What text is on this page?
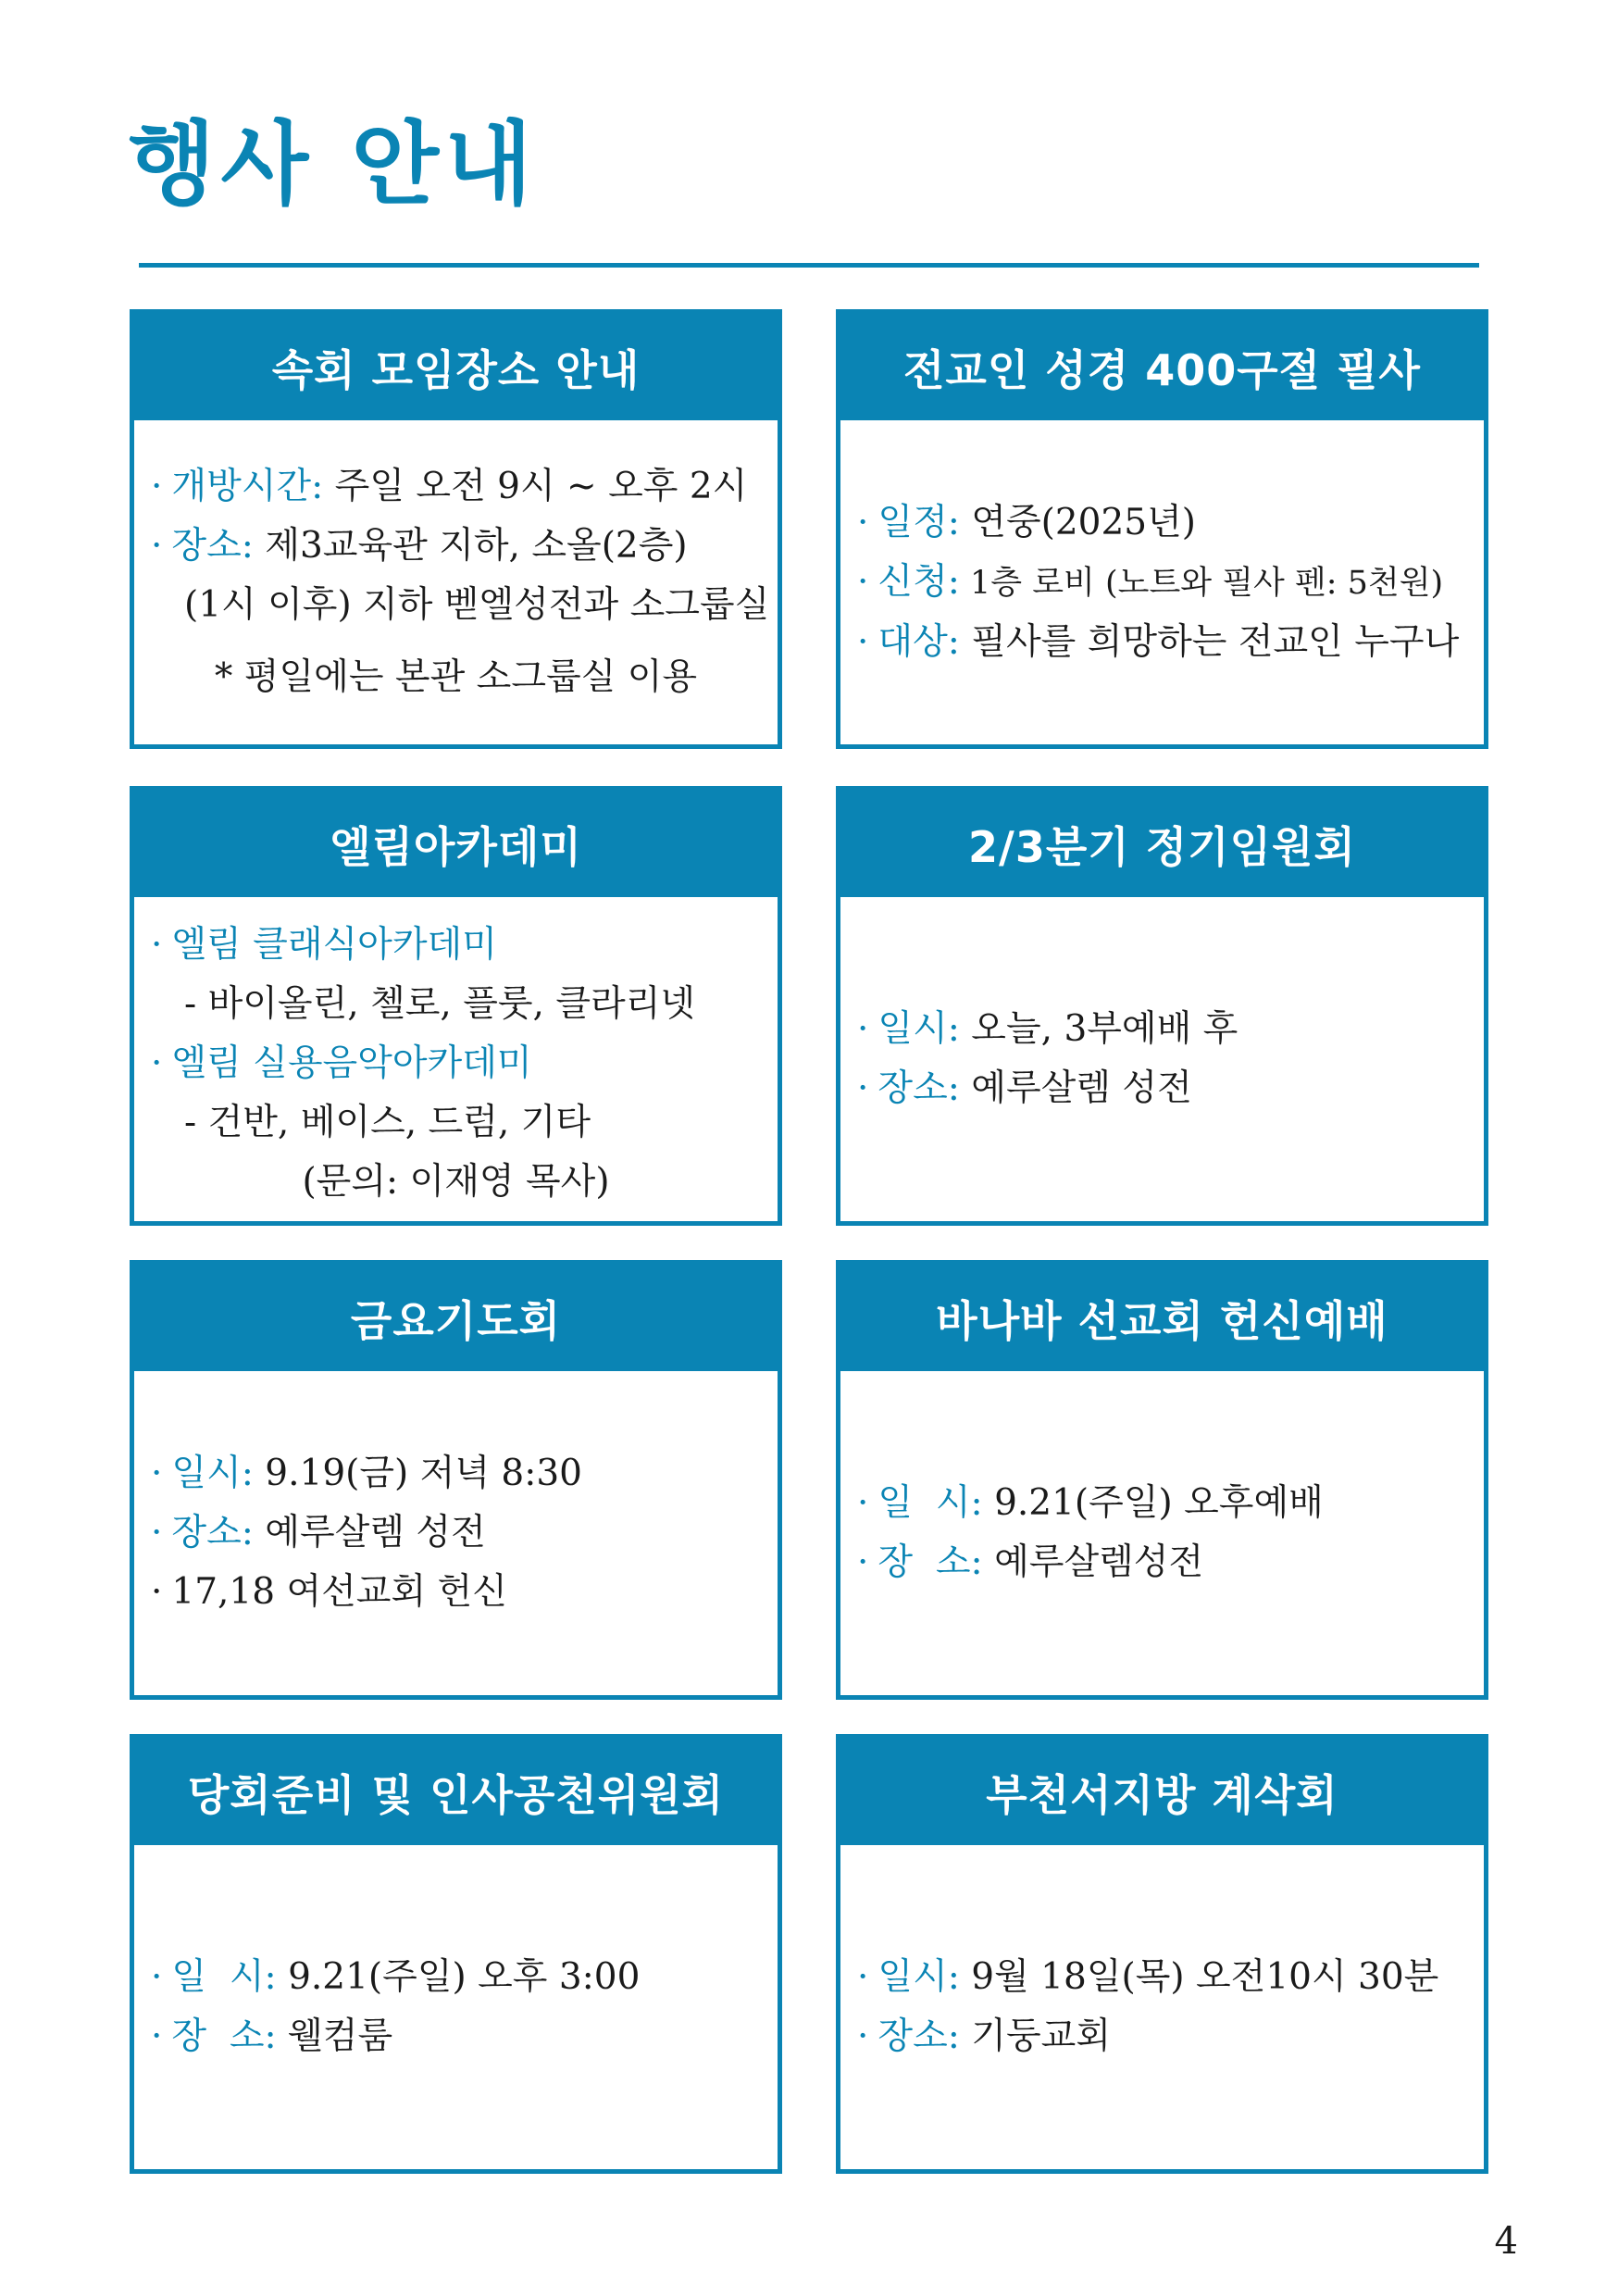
행사 안내
속회 모임장소 안내
· 개방시간: 주일 오전 9시 ~ 오후 2시
· 장소: 제3교육관 지하, 소올(2층)
(1시 이후) 지하 벧엘성전과 소그룹실
* 평일에는 본관 소그룹실 이용
전교인 성경 400구절 필사
· 일정: 연중(2025년)
· 신청: 1층 로비 (노트와 필사 펜: 5천원)
· 대상: 필사를 희망하는 전교인 누구나
엘림아카데미
· 엘림 클래식아카데미
- 바이올린, 첼로, 플룻, 클라리넷
· 엘림 실용음악아카데미
- 건반, 베이스, 드럼, 기타
(문의: 이재영 목사)
2/3분기 정기임원회
· 일시: 오늘, 3부예배 후
· 장소: 예루살렘 성전
금요기도회
· 일시: 9.19(금) 저녁 8:30
· 장소: 예루살렘 성전
· 17,18 여선교회 헌신
바나바 선교회 헌신예배
· 일  시: 9.21(주일) 오후예배
· 장  소: 예루살렘성전
당회준비 및 인사공천위원회
· 일  시: 9.21(주일) 오후 3:00
· 장  소: 웰컴룸
부천서지방 계삭회
· 일시: 9월 18일(목) 오전10시 30분
· 장소: 기둥교회
4
